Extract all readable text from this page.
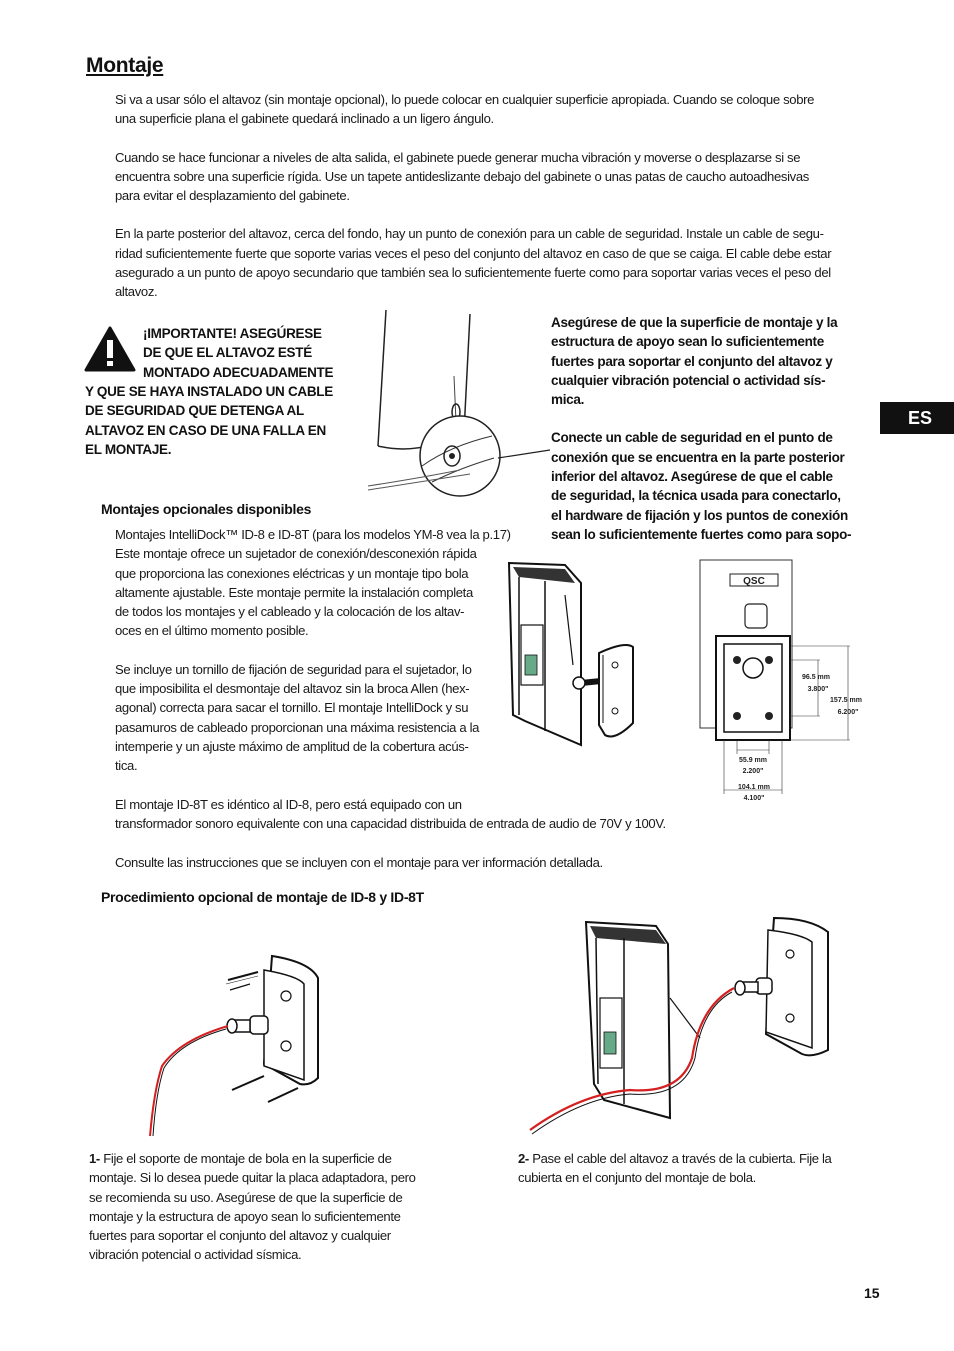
Montaje
ES
Si va a usar sólo el altavoz (sin montaje opcional), lo puede colocar en cualquier superficie apropiada. Cuando se coloque sobre
una superficie plana el gabinete quedará inclinado a un ligero ángulo.
Cuando se hace funcionar a niveles de alta salida, el gabinete puede generar mucha vibración y moverse o desplazarse si se
encuentra sobre una superficie rígida. Use un tapete antideslizante debajo del gabinete o unas patas de caucho autoadhesivas
para evitar el desplazamiento del gabinete.
En la parte posterior del altavoz, cerca del fondo, hay un punto de conexión para un cable de seguridad. Instale un cable de segu-
ridad suficientemente fuerte que soporte varias veces el peso del conjunto del altavoz en caso de que se caiga. El cable debe estar
asegurado a un punto de apoyo secundario que también sea lo suficientemente fuerte como para soportar varias veces el peso del
altavoz.
¡IMPORTANTE! ASEGÚRESE
DE QUE EL ALTAVOZ ESTÉ
MONTADO ADECUADAMENTE
Y QUE SE HAYA INSTALADO UN CABLE
DE SEGURIDAD QUE DETENGA AL
ALTAVOZ EN CASO DE UNA FALLA EN
EL MONTAJE.
Asegúrese de que la superficie de montaje y la
estructura de apoyo sean lo suficientemente
fuertes para soportar el conjunto del altavoz y
cualquier vibración potencial o actividad sís-
mica.
Conecte un cable de seguridad en el punto de
conexión que se encuentra en la parte posterior
inferior del altavoz. Asegúrese de que el cable
de seguridad, la técnica usada para conectarlo,
el hardware de fijación y los puntos de conexión
sean lo suficientemente fuertes como para sopo-
Montajes opcionales disponibles
Montajes IntelliDock™ ID-8 e ID-8T (para los modelos YM-8 vea la p.17)
Este montaje ofrece un sujetador de conexión/desconexión rápida
que proporciona las conexiones eléctricas y un montaje tipo bola
altamente ajustable. Este montaje permite la instalación completa
de todos los montajes y el cableado y la colocación de los altav-
oces en el último momento posible.
Se incluye un tornillo de fijación de seguridad para el sujetador, lo
que imposibilita el desmontaje del altavoz sin la broca Allen (hex-
agonal) correcta para sacar el tornillo. El montaje IntelliDock y su
pasamuros de cableado proporcionan una máxima resistencia a la
intemperie y un ajuste máximo de amplitud de la cobertura acús-
tica.
El montaje ID-8T es idéntico al ID-8, pero está equipado con un
transformador sonoro equivalente con una capacidad distribuida de entrada de audio de 70V y 100V.
Consulte las instrucciones que se incluyen con el montaje para ver información detallada.
QSC
96.5 mm
3.800"
157.5 mm
6.200"
55.9 mm
2.200"
104.1 mm
4.100"
Procedimiento opcional de montaje de ID-8 y ID-8T
1- Fije el soporte de montaje de bola en la superficie de
montaje. Si lo desea puede quitar la placa adaptadora, pero
se recomienda su uso. Asegúrese de que la superficie de
montaje y la estructura de apoyo sean lo suficientemente
fuertes para soportar el conjunto del altavoz y cualquier
vibración potencial o actividad sísmica.
2- Pase el cable del altavoz a través de la cubierta. Fije la
cubierta en el conjunto del montaje de bola.
15
